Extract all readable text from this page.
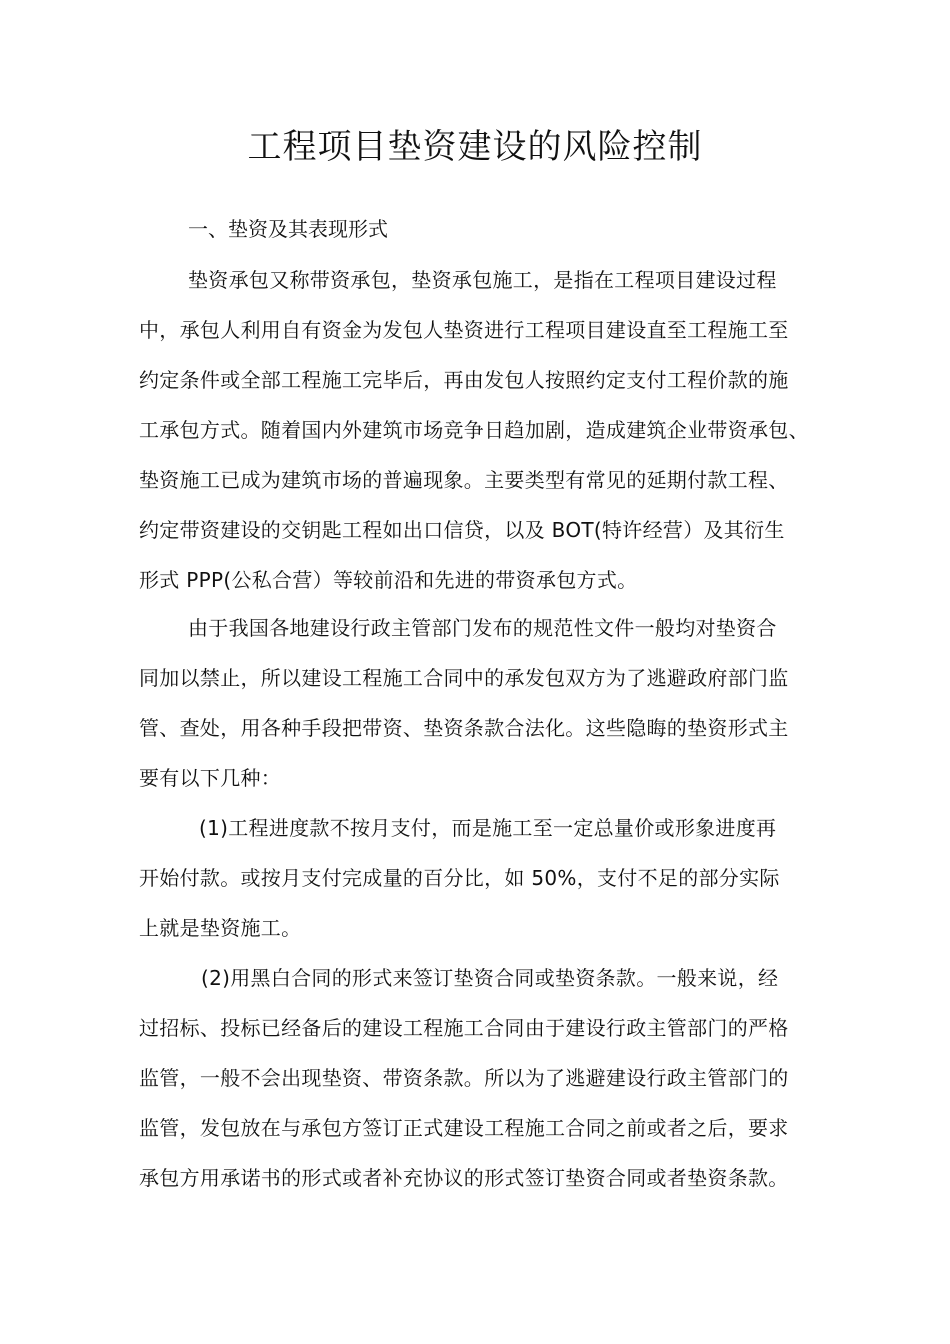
工程项目垫资建设的风险控制

一、垫资及其表现形式

垫资承包又称带资承包，垫资承包施工，是指在工程项目建设过程
中，承包人利用自有资金为发包人垫资进行工程项目建设直至工程施工至
约定条件或全部工程施工完毕后，再由发包人按照约定支付工程价款的施
工承包方式。随着国内外建筑市场竞争日趋加剧，造成建筑企业带资承包、
垫资施工已成为建筑市场的普遍现象。主要类型有常见的延期付款工程、
约定带资建设的交钥匙工程如出口信贷，以及 BOT(特许经营）及其衍生
形式 PPP(公私合营）等较前沿和先进的带资承包方式。
由于我国各地建设行政主管部门发布的规范性文件一般均对垫资合
同加以禁止，所以建设工程施工合同中的承发包双方为了逃避政府部门监
管、查处，用各种手段把带资、垫资条款合法化。这些隐晦的垫资形式主
要有以下几种：
(1)工程进度款不按月支付，而是施工至一定总量价或形象进度再
开始付款。或按月支付完成量的百分比，如 50%，支付不足的部分实际
上就是垫资施工。
(2)用黑白合同的形式来签订垫资合同或垫资条款。一般来说，经
过招标、投标已经备后的建设工程施工合同由于建设行政主管部门的严格
监管，一般不会出现垫资、带资条款。所以为了逃避建设行政主管部门的
监管，发包放在与承包方签订正式建设工程施工合同之前或者之后，要求
承包方用承诺书的形式或者补充协议的形式签订垫资合同或者垫资条款。
